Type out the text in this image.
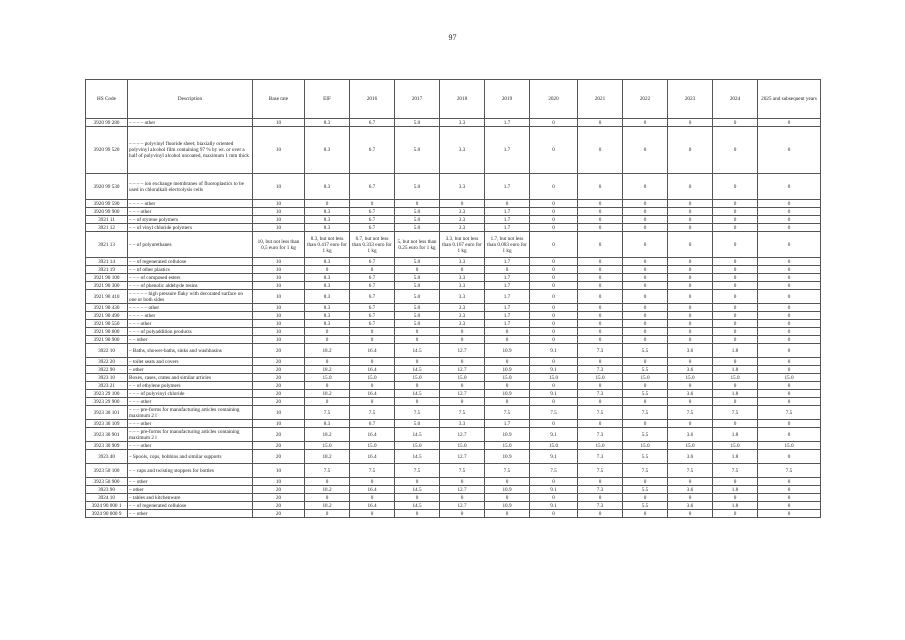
97
HS Code	Description	Base rate	EIF	2016	2017	2018	2019	2020	2021	2022	2023	2024	2025 and subsequent years
3920 99 280	– – – – other	10	8.3	6.7	5.0	3.3	1.7	0	0	0	0	0	0
3920 99 520	– – – – polyvinyl fluoride sheet; biaxially oriented polyvinyl alcohol film containing 97 % by wt. or over a half of polyvinyl alcohol uncoated, maximum 1 mm thick	10	8.3	6.7	5.0	3.3	1.7	0	0	0	0	0	0
3920 99 530	– – – – ion exchange membranes of fluoroplastics to be used in chloralkali electrolysis cells	10	8.3	6.7	5.0	3.3	1.7	0	0	0	0	0	0
3920 99 590	– – – – other	10	0	0	0	0	0	0	0	0	0	0	0
3920 99 900	– – – other	10	8.3	6.7	5.0	3.3	1.7	0	0	0	0	0	0
3921 11	– – of styrene polymers	10	8.3	6.7	5.0	3.3	1.7	0	0	0	0	0	0
3921 12	– – of vinyl chloride polymers	10	8.3	6.7	5.0	3.3	1.7	0	0	0	0	0	0
3921 13	– – of polyurethanes	10, but not less than 0,5 euro for 1 kg	8.3, but not less than 0.417 euro for 1 kg	6.7, but not less than 0.333 euro for 1 kg	5, but not less than 0.25 euro for 1 kg	3.3, but not less than 0.167 euro for 1 kg	1.7, but not less than 0.083 euro for 1 kg	0	0	0	0	0	0
3921 14	– – of regenerated cellulose	10	8.3	6.7	5.0	3.3	1.7	0	0	0	0	0	0
3921 19	– – of other plastics	10	0	0	0	0	0	0	0	0	0	0	0
3921 90 100	– – – of composed esters	10	8.3	6.7	5.0	3.3	1.7	0	0	0	0	0	0
3921 90 300	– – – of phenolic aldehyde resins	10	8.3	6.7	5.0	3.3	1.7	0	0	0	0	0	0
3921 90 410	– – – – – high pressure flaky with decorated surface on one or both sides	10	8.3	6.7	5.0	3.3	1.7	0	0	0	0	0	0
3921 90 430	– – – – – other	10	8.3	6.7	5.0	3.3	1.7	0	0	0	0	0	0
3921 90 490	– – – – other	10	8.3	6.7	5.0	3.3	1.7	0	0	0	0	0	0
3921 90 550	– – – other	10	8.3	6.7	5.0	3.3	1.7	0	0	0	0	0	0
3921 90 600	– – – of polyaddition products	10	0	0	0	0	0	0	0	0	0	0	0
3921 90 900	– – other	10	0	0	0	0	0	0	0	0	0	0	0
3922 10	– Baths, shower-baths, sinks and washbasins	20	18.2	16.4	14.5	12.7	10.9	9.1	7.3	5.5	3.6	1.8	0
3922 20	– toilet seats and covers	20	0	0	0	0	0	0	0	0	0	0	0
3922 90	– other	20	18.2	16.4	14.5	12.7	10.9	9.1	7.3	5.5	3.6	1.8	0
3923 10	Boxes, cases, crates and similar articles	20	15.0	15.0	15.0	15.0	15.0	15.0	15.0	15.0	15.0	15.0	15.0
3923 21	– – of ethylene polymers	20	0	0	0	0	0	0	0	0	0	0	0
3923 29 100	– – – of polyvinyl chloride	20	18.2	16.4	14.5	12.7	10.9	9.1	7.3	5.5	3.6	1.8	0
3923 29 900	– – – other	20	0	0	0	0	0	0	0	0	0	0	0
3923 30 101	– – – pre-forms for manufacturing articles containing maximum 2 l	10	7.5	7.5	7.5	7.5	7.5	7.5	7.5	7.5	7.5	7.5	7.5
3923 30 109	– – – other	10	8.3	6.7	5.0	3.3	1.7	0	0	0	0	0	0
3923 30 901	– – – pre-forms for manufacturing articles containing maximum 2 l	20	18.2	16.4	14.5	12.7	10.9	9.1	7.3	5.5	3.6	1.8	0
3923 30 909	– – – other	20	15.0	15.0	15.0	15.0	15.0	15.0	15.0	15.0	15.0	15.0	15.0
3923 40	– Spools, cops, bobbins and similar supports	20	18.2	16.4	14.5	12.7	10.9	9.1	7.3	5.5	3.6	1.8	0
3923 50 100	– – caps and twisting stoppers for bottles	10	7.5	7.5	7.5	7.5	7.5	7.5	7.5	7.5	7.5	7.5	7.5
3923 50 900	– – other	10	0	0	0	0	0	0	0	0	0	0	0
3923 90	– other	20	18.2	16.4	14.5	12.7	10.9	9.1	7.3	5.5	3.6	1.8	0
3924 10	– tables and kitchenware	20	0	0	0	0	0	0	0	0	0	0	0
3924 90 000 1	– – of regenerated cellulose	20	18.2	16.4	14.5	12.7	10.9	9.1	7.3	5.5	3.6	1.8	0
3924 90 000 9	– – other	20	0	0	0	0	0	0	0	0	0	0	0
